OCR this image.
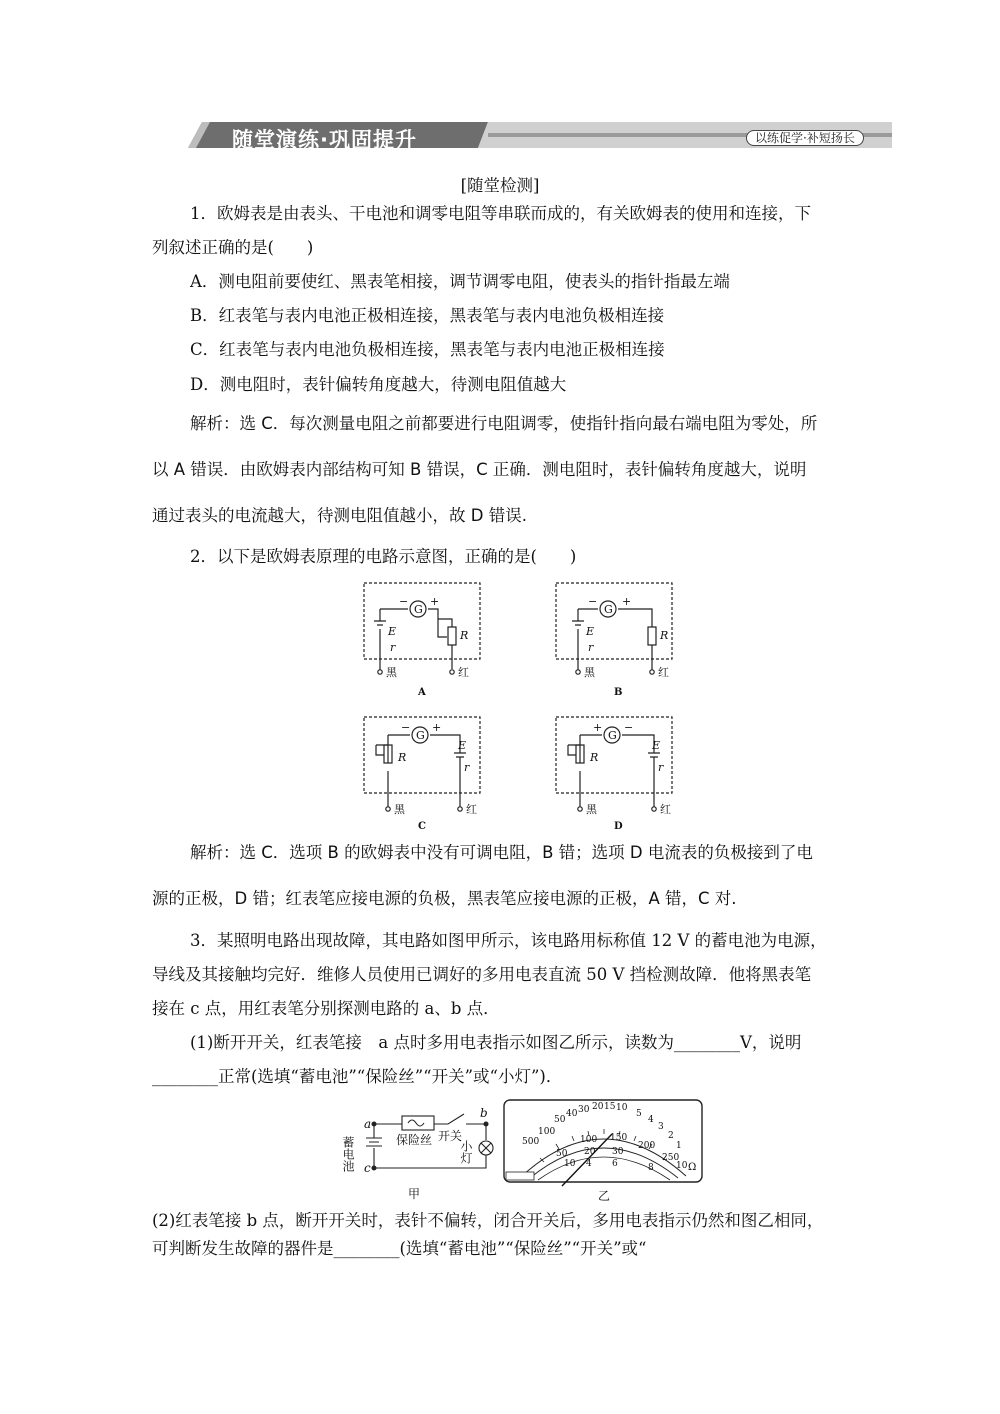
随堂演练·巩固提升	以练促学·补短扬长
[随堂检测]
1．欧姆表是由表头、干电池和调零电阻等串联而成的，有关欧姆表的使用和连接，下
列叙述正确的是(　　)
A．测电阻前要使红、黑表笔相接，调节调零电阻，使表头的指针指最左端
B．红表笔与表内电池正极相连接，黑表笔与表内电池负极相连接
C．红表笔与表内电池负极相连接，黑表笔与表内电池正极相连接
D．测电阻时，表针偏转角度越大，待测电阻值越大
解析：选 C．每次测量电阻之前都要进行电阻调零，使指针指向最右端电阻为零处，所
以 A 错误．由欧姆表内部结构可知 B 错误，C 正确．测电阻时，表针偏转角度越大，说明
通过表头的电流越大，待测电阻值越小，故 D 错误.
2．以下是欧姆表原理的电路示意图，正确的是(　　)
G
− +
E
r
R
黑	红
A
G
− +
E
r
R
黑	红
B
G
− +
R
E
r
黑	红
C
G
+ −
R
E
r
黑	红
D
解析：选 C．选项 B 的欧姆表中没有可调电阻，B 错；选项 D 电流表的负极接到了电
源的正极，D 错；红表笔应接电源的负极，黑表笔应接电源的正极，A 错，C 对.
3．某照明电路出现故障，其电路如图甲所示，该电路用标称值 12 V 的蓄电池为电源，
导线及其接触均完好．维修人员使用已调好的多用电表直流 50 V 挡检测故障．他将黑表笔
接在 c 点，用红表笔分别探测电路的 a、b 点．
(1)断开开关，红表笔接　a 点时多用电表指示如图乙所示，读数为________V，说明
________正常(选填“蓄电池”“保险丝”“开关”或“小灯”)．
a
b
c
保险丝 开关
甲
蓄电池	小灯	500
100
50
40 30 20 15 10
5
4
3
2
1
50
100 150
200
250
20 30
10 4 6	8 10 Ω
乙
(2)红表笔接 b 点，断开开关时，表针不偏转，闭合开关后，多用电表指示仍然和图乙相同，
可判断发生故障的器件是________(选填“蓄电池”“保险丝”“开关”或“
